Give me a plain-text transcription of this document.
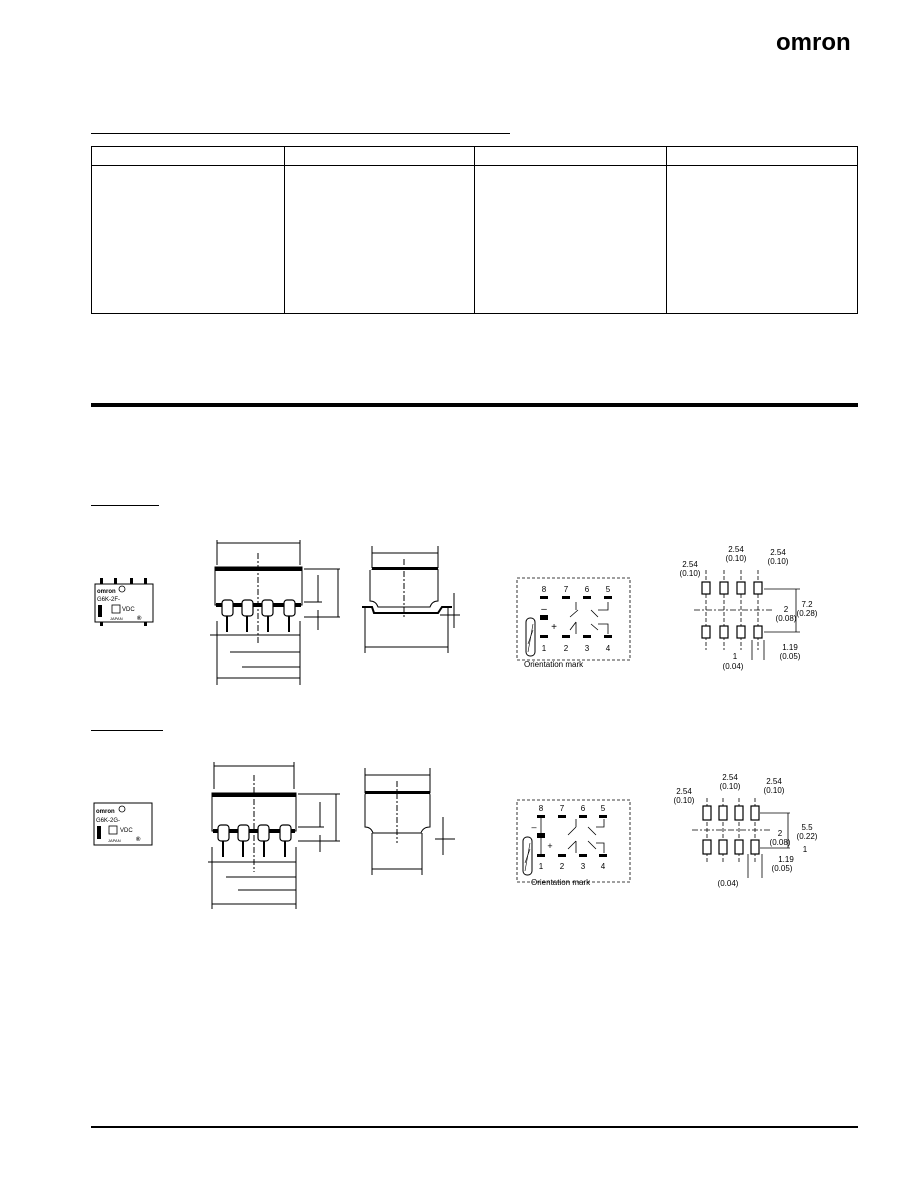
omron
omron
G6K-2F-
VDC
JAPAN ®
8 7 6 5
1 2 3 4
–
+
Orientation mark
2.54
(0.10)
2.54
(0.10)
2.54
(0.10)
2
(0.08)
7.2
(0.28)
1.19
(0.05)
1
(0.04)
omron
G6K-2G-
VDC
JAPAN	®
8 7 6 5
1 2 3 4
–
+
Orientation mark
2.54
(0.10)
2.54
(0.10)
2.54
(0.10)
2
(0.08)
5.5
(0.22)
1
1.19
(0.05)
(0.04)
